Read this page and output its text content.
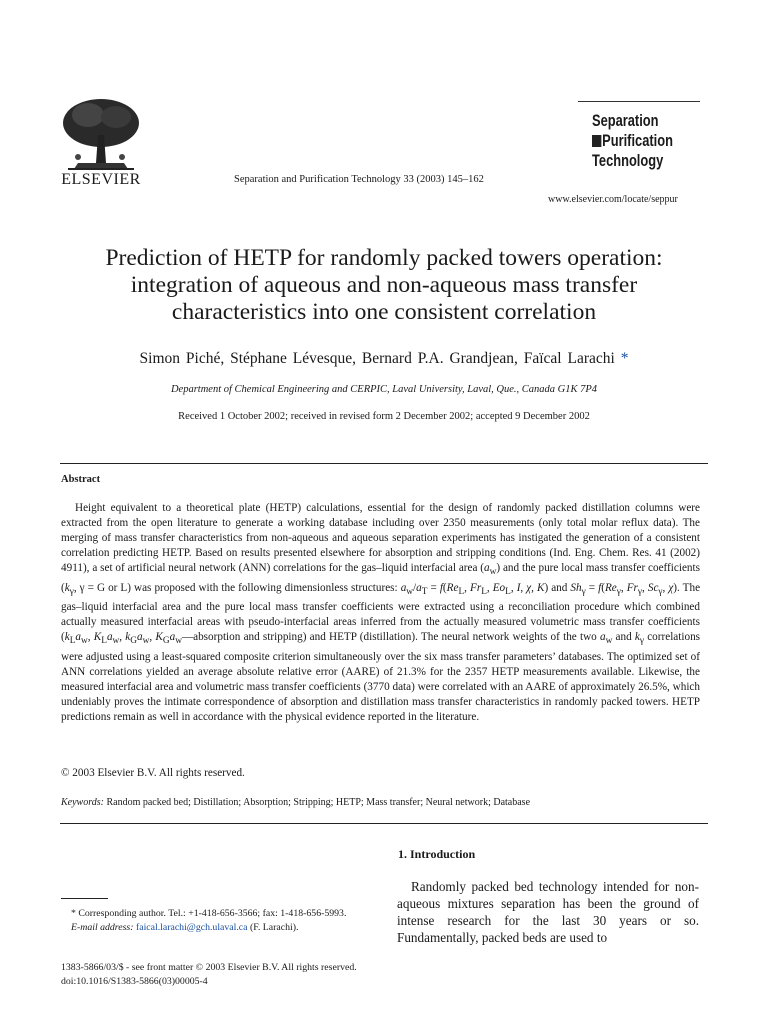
ELSEVIER	Separation and Purification Technology 33 (2003) 145–162
Separation
Purification
Technology
www.elsevier.com/locate/seppur
Prediction of HETP for randomly packed towers operation:
integration of aqueous and non-aqueous mass transfer
characteristics into one consistent correlation
Simon Piché, Stéphane Lévesque, Bernard P.A. Grandjean, Faïcal Larachi *
Department of Chemical Engineering and CERPIC, Laval University, Laval, Que., Canada G1K 7P4
Received 1 October 2002; received in revised form 2 December 2002; accepted 9 December 2002
Abstract

Height equivalent to a theoretical plate (HETP) calculations, essential for the design of randomly packed distillation columns were extracted from the open literature to generate a working database including over 2350 measurements (only total molar reflux data). The merging of mass transfer characteristics from non-aqueous and aqueous separation experiments has instigated the generation of a consistent correlation predicting HETP. Based on results presented elsewhere for absorption and stripping conditions (Ind. Eng. Chem. Res. 41 (2002) 4911), a set of artificial neural network (ANN) correlations for the gas–liquid interfacial area $(a_w)$ and the pure local mass transfer coefficients ($k_\gamma$, γ = G or L) was proposed with the following dimensionless structures: $a_w/a_T = f(Re_L$, $Fr_L$, $Eo_L$, I, χ, K) and $Sh_\gamma = f(Re_\gamma$, $Fr_\gamma$, $Sc_\gamma$, χ). The gas–liquid interfacial area and the pure local mass transfer coefficients were extracted using a reconciliation procedure which combined actually measured interfacial areas with pseudo-interfacial areas inferred from the actually measured volumetric mass transfer coefficients ($k_La_w$, $K_La_w$, $k_Ga_w$, $K_Ga_w—absorption$ and stripping) and HETP (distillation). The neural network weights of the two $a_w$ and $k_\gamma$ correlations were adjusted using a least-squared composite criterion simultaneously over the six mass transfer parameters’ databases. The optimized set of ANN correlations yielded an average absolute relative error (AARE) of 21.3% for the 2357 HETP measurements available. Likewise, the measured interfacial area and volumetric mass transfer coefficients (3770 data) were correlated with an AARE of approximately 26.5%, which undeniably proves the intimate correspondence of absorption and distillation mass transfer characteristics in randomly packed towers. HETP predictions remain as well in accordance with the physical evidence reported in the literature.

© 2003 Elsevier B.V. All rights reserved.
Keywords: Random packed bed; Distillation; Absorption; Stripping; HETP; Mass transfer; Neural network; Database
1. Introduction

Randomly packed bed technology intended for non-aqueous mixtures separation has been the ground of intense research for the last 30 years or so. Fundamentally, packed beds are used to

* Corresponding author. Tel.: +1-418-656-3566; fax: 1-418-656-5993.
E-mail address: faical.larachi@gch.ulaval.ca (F. Larachi).
1383-5866/03/$ - see front matter © 2003 Elsevier B.V. All rights reserved.
doi:10.1016/S1383-5866(03)00005-4
